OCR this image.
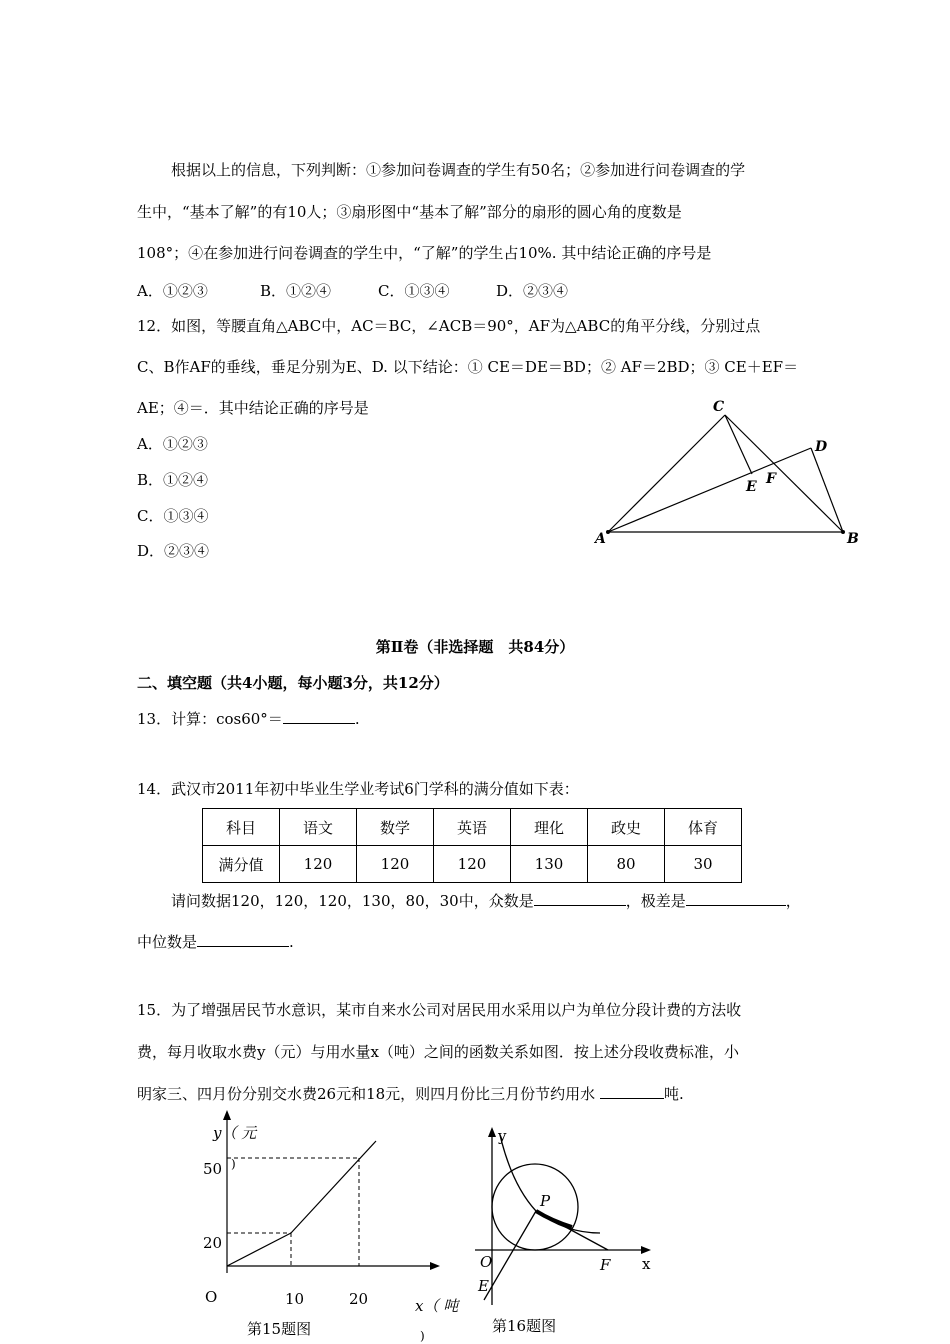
根据以上的信息，下列判断：①参加问卷调查的学生有50名；②参加进行问卷调查的学
生中，“基本了解”的有10人；③扇形图中“基本了解”部分的扇形的圆心角的度数是
108°；④在参加进行问卷调查的学生中，“了解”的学生占10%. 其中结论正确的序号是
A．①②③	B．①②④	C．①③④	D．②③④
12．如图，等腰直角△ABC中，AC＝BC，∠ACB＝90°，AF为△ABC的角平分线，分别过点
C、B作AF的垂线，垂足分别为E、D. 以下结论：① CE＝DE＝BD；② AF＝2BD；③ CE＋EF＝
AE；④＝．其中结论正确的序号是
A．①②③
B．①②④
C．①③④
D．②③④
A	B
C
D
E F
第Ⅱ卷（非选择题　共84分）
二、填空题（共4小题，每小题3分，共12分）
13．计算：cos60°＝	.
14．武汉市2011年初中毕业生学业考试6门学科的满分值如下表：
科目	语文	数学	英语	理化	政史	体育
满分值	120	120	120	130	80	30
请问数据120，120，120，130，80，30中，众数是	，极差是	，
中位数是	.
15．为了增强居民节水意识，某市自来水公司对居民用水采用以户为单位分段计费的方法收
费，每月收取水费y（元）与用水量x（吨）之间的函数关系如图．按上述分段收费标准，小
明家三、四月份分别交水费26元和18元，则四月份比三月份节约用水	吨.
y（ 元
)
50
20
O	10	20	x（ 吨
)
第15题图
y
x
O
P
E
F
第16题图
